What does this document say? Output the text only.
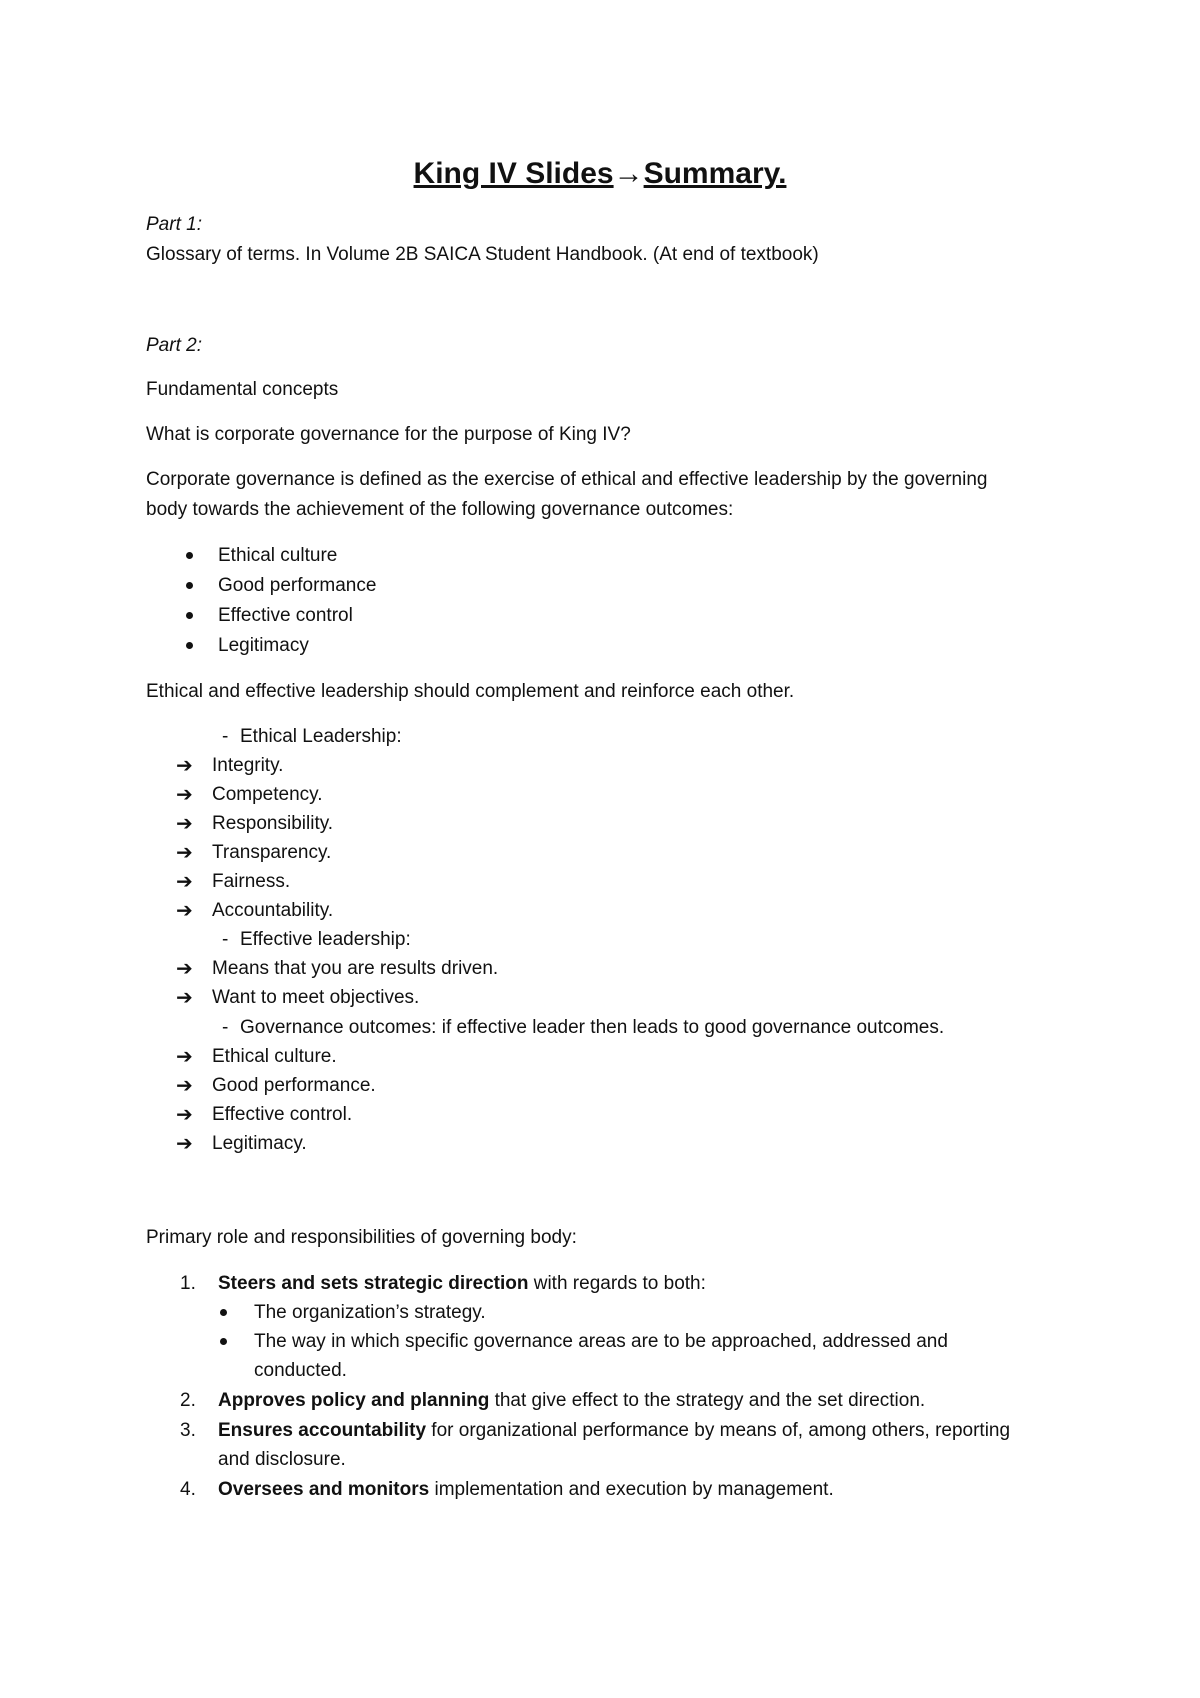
King IV Slides→Summary.
Part 1:
Glossary of terms. In Volume 2B SAICA Student Handbook. (At end of textbook)
Part 2:
Fundamental concepts
What is corporate governance for the purpose of King IV?
Corporate governance is defined as the exercise of ethical and effective leadership by the governing
body towards the achievement of the following governance outcomes:
Ethical culture
Good performance
Effective control
Legitimacy
Ethical and effective leadership should complement and reinforce each other.
- Ethical Leadership:
➔ Integrity.
➔ Competency.
➔ Responsibility.
➔ Transparency.
➔ Fairness.
➔ Accountability.
- Effective leadership:
➔ Means that you are results driven.
➔ Want to meet objectives.
- Governance outcomes: if effective leader then leads to good governance outcomes.
➔ Ethical culture.
➔ Good performance.
➔ Effective control.
➔ Legitimacy.
Primary role and responsibilities of governing body:
1. Steers and sets strategic direction with regards to both:
The organization’s strategy.
The way in which specific governance areas are to be approached, addressed and
conducted.
2. Approves policy and planning that give effect to the strategy and the set direction.
3. Ensures accountability for organizational performance by means of, among others, reporting
and disclosure.
4. Oversees and monitors implementation and execution by management.
